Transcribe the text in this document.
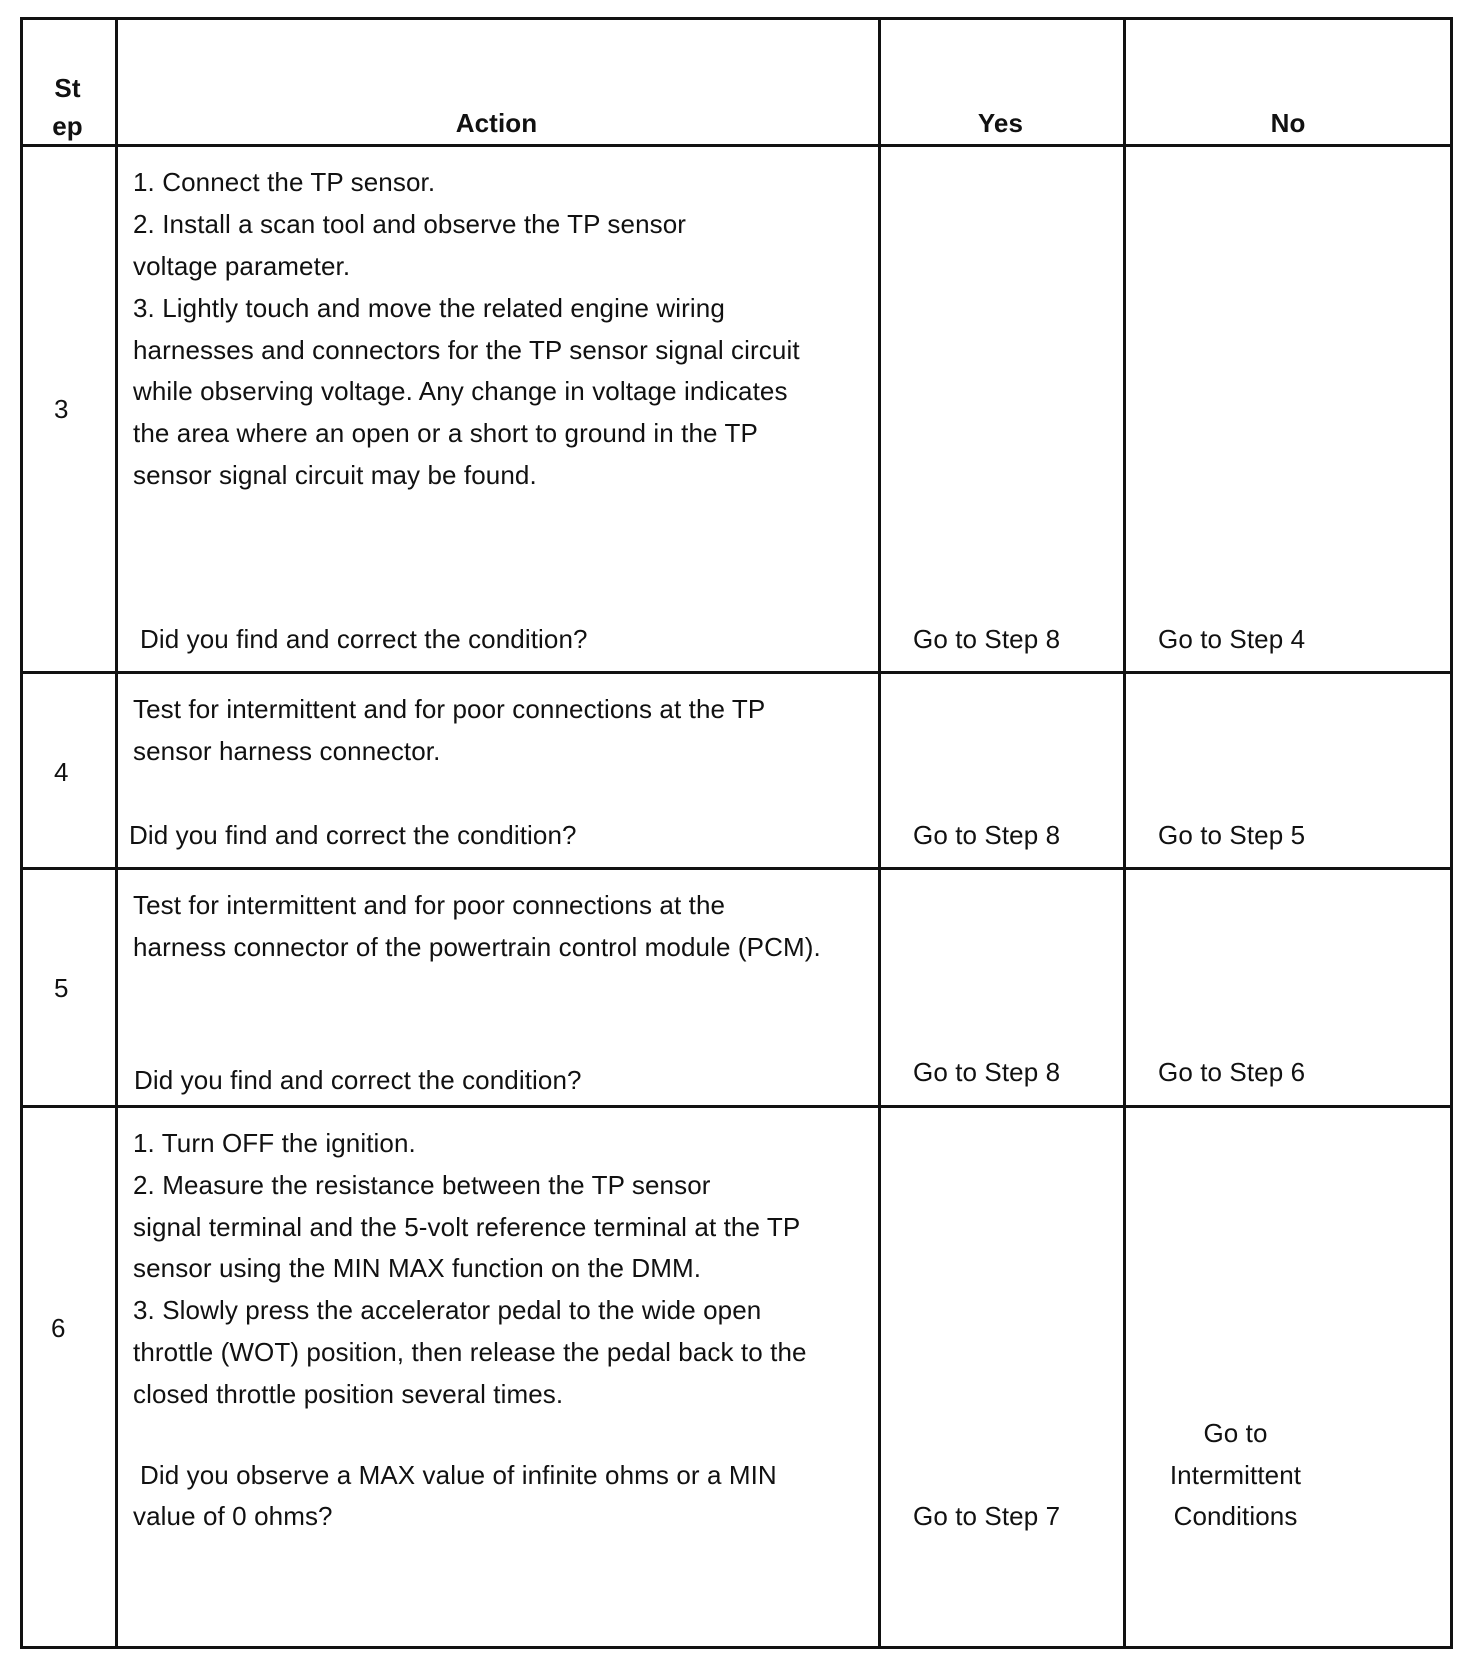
St
ep	Action	Yes	No
3
1. Connect the TP sensor.
2. Install a scan tool and observe the TP sensor
voltage parameter.
3. Lightly touch and move the related engine wiring
harnesses and connectors for the TP sensor signal circuit
while observing voltage. Any change in voltage indicates
the area where an open or a short to ground in the TP
sensor signal circuit may be found.
Did you find and correct the condition?	Go to Step 8	Go to Step 4
4
Test for intermittent and for poor connections at the TP
sensor harness connector.
Did you find and correct the condition?	Go to Step 8	Go to Step 5
5
Test for intermittent and for poor connections at the
harness connector of the powertrain control module (PCM).
Did you find and correct the condition?	Go to Step 8	Go to Step 6
6
1. Turn OFF the ignition.
2. Measure the resistance between the TP sensor
signal terminal and the 5-volt reference terminal at the TP
sensor using the MIN MAX function on the DMM.
3. Slowly press the accelerator pedal to the wide open
throttle (WOT) position, then release the pedal back to the
closed throttle position several times.
Did you observe a MAX value of infinite ohms or a MIN
value of 0 ohms?	Go to Step 7
Go to
Intermittent
Conditions
